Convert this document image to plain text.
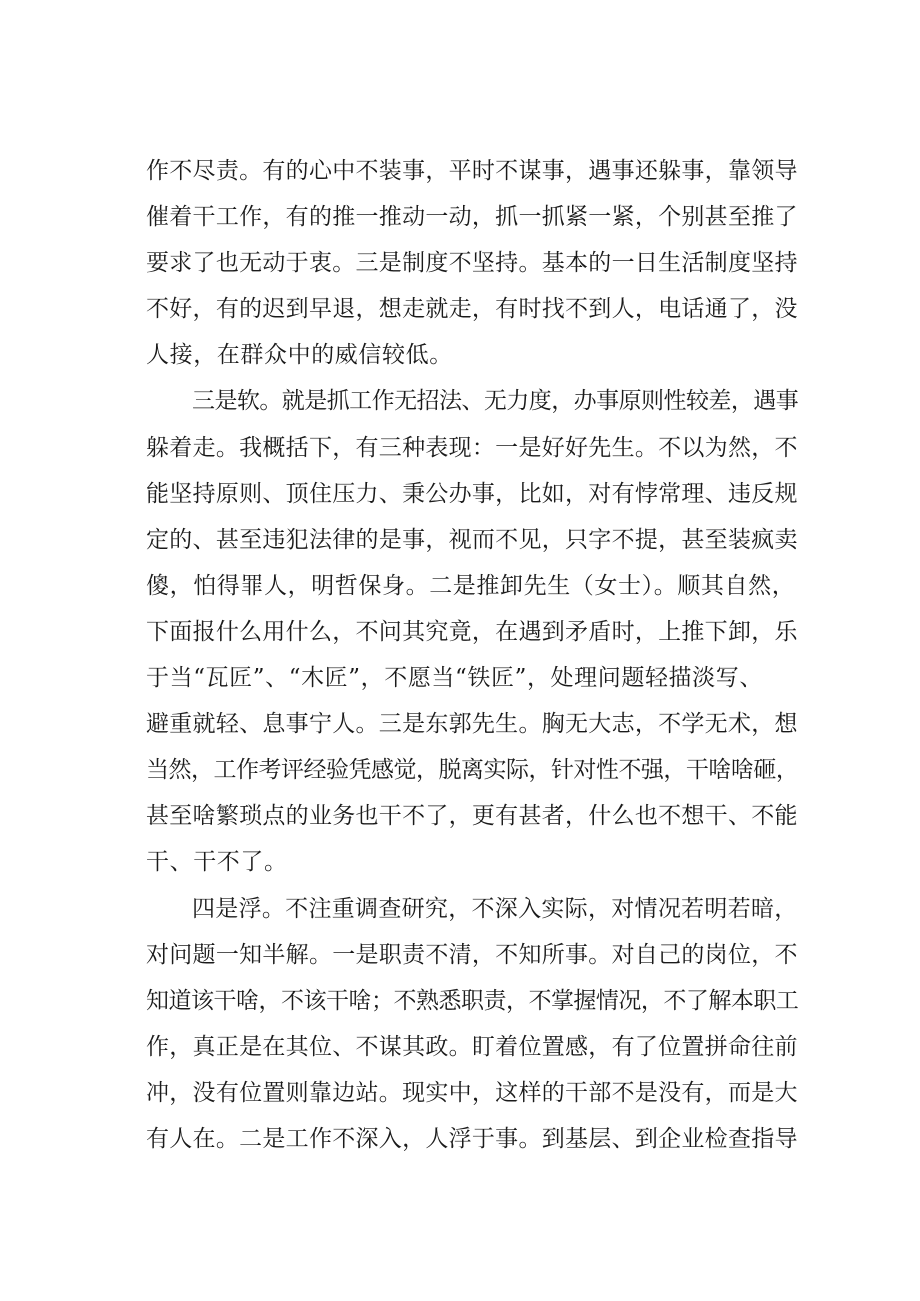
作不尽责。有的心中不装事，平时不谋事，遇事还躲事，靠领导
催着干工作，有的推一推动一动，抓一抓紧一紧，个别甚至推了
要求了也无动于衷。三是制度不坚持。基本的一日生活制度坚持
不好，有的迟到早退，想走就走，有时找不到人，电话通了，没
人接，在群众中的威信较低。
三是软。就是抓工作无招法、无力度，办事原则性较差，遇事
躲着走。我概括下，有三种表现：一是好好先生。不以为然，不
能坚持原则、顶住压力、秉公办事，比如，对有悖常理、违反规
定的、甚至违犯法律的是事，视而不见，只字不提，甚至装疯卖
傻，怕得罪人，明哲保身。二是推卸先生（女士）。顺其自然，
下面报什么用什么，不问其究竟，在遇到矛盾时，上推下卸，乐
于当“瓦匠”、“木匠”，不愿当“铁匠”，处理问题轻描淡写、
避重就轻、息事宁人。三是东郭先生。胸无大志，不学无术，想
当然，工作考评经验凭感觉，脱离实际，针对性不强，干啥啥砸，
甚至啥繁琐点的业务也干不了，更有甚者，什么也不想干、不能
干、干不了。
四是浮。不注重调查研究，不深入实际，对情况若明若暗，
对问题一知半解。一是职责不清，不知所事。对自己的岗位，不
知道该干啥，不该干啥；不熟悉职责，不掌握情况，不了解本职工
作，真正是在其位、不谋其政。盯着位置感，有了位置拼命往前
冲，没有位置则靠边站。现实中，这样的干部不是没有，而是大
有人在。二是工作不深入，人浮于事。到基层、到企业检查指导
